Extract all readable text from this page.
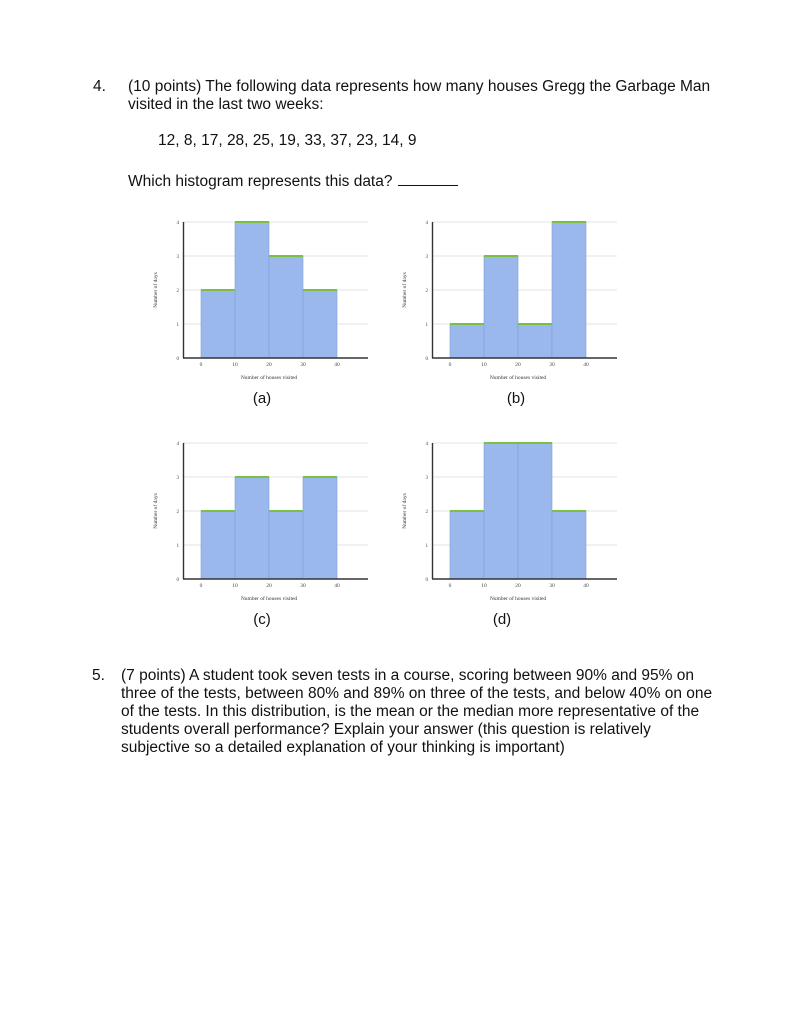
4. (10 points) The following data represents how many houses Gregg the Garbage Man visited in the last two weeks:
12, 8, 17, 28, 25, 19, 33, 37, 23, 14, 9
Which histogram represents this data?
0
1
2
3
4
0	10	20	30	40
Number of houses visited
Number of days
(a)
0
1
2
3
4
0	10	20	30	40
Number of houses visited
Number of days
(b)
0
1
2
3
4
0	10	20	30	40
Number of houses visited
Number of days
(c)
0
1
2
3
4
0	10	20	30	40
Number of houses visited
Number of days
(d)
5. (7 points) A student took seven tests in a course, scoring between 90% and 95% on three of the tests, between 80% and 89% on three of the tests, and below 40% on one of the tests. In this distribution, is the mean or the median more representative of the students overall performance? Explain your answer (this question is relatively subjective so a detailed explanation of your thinking is important)
